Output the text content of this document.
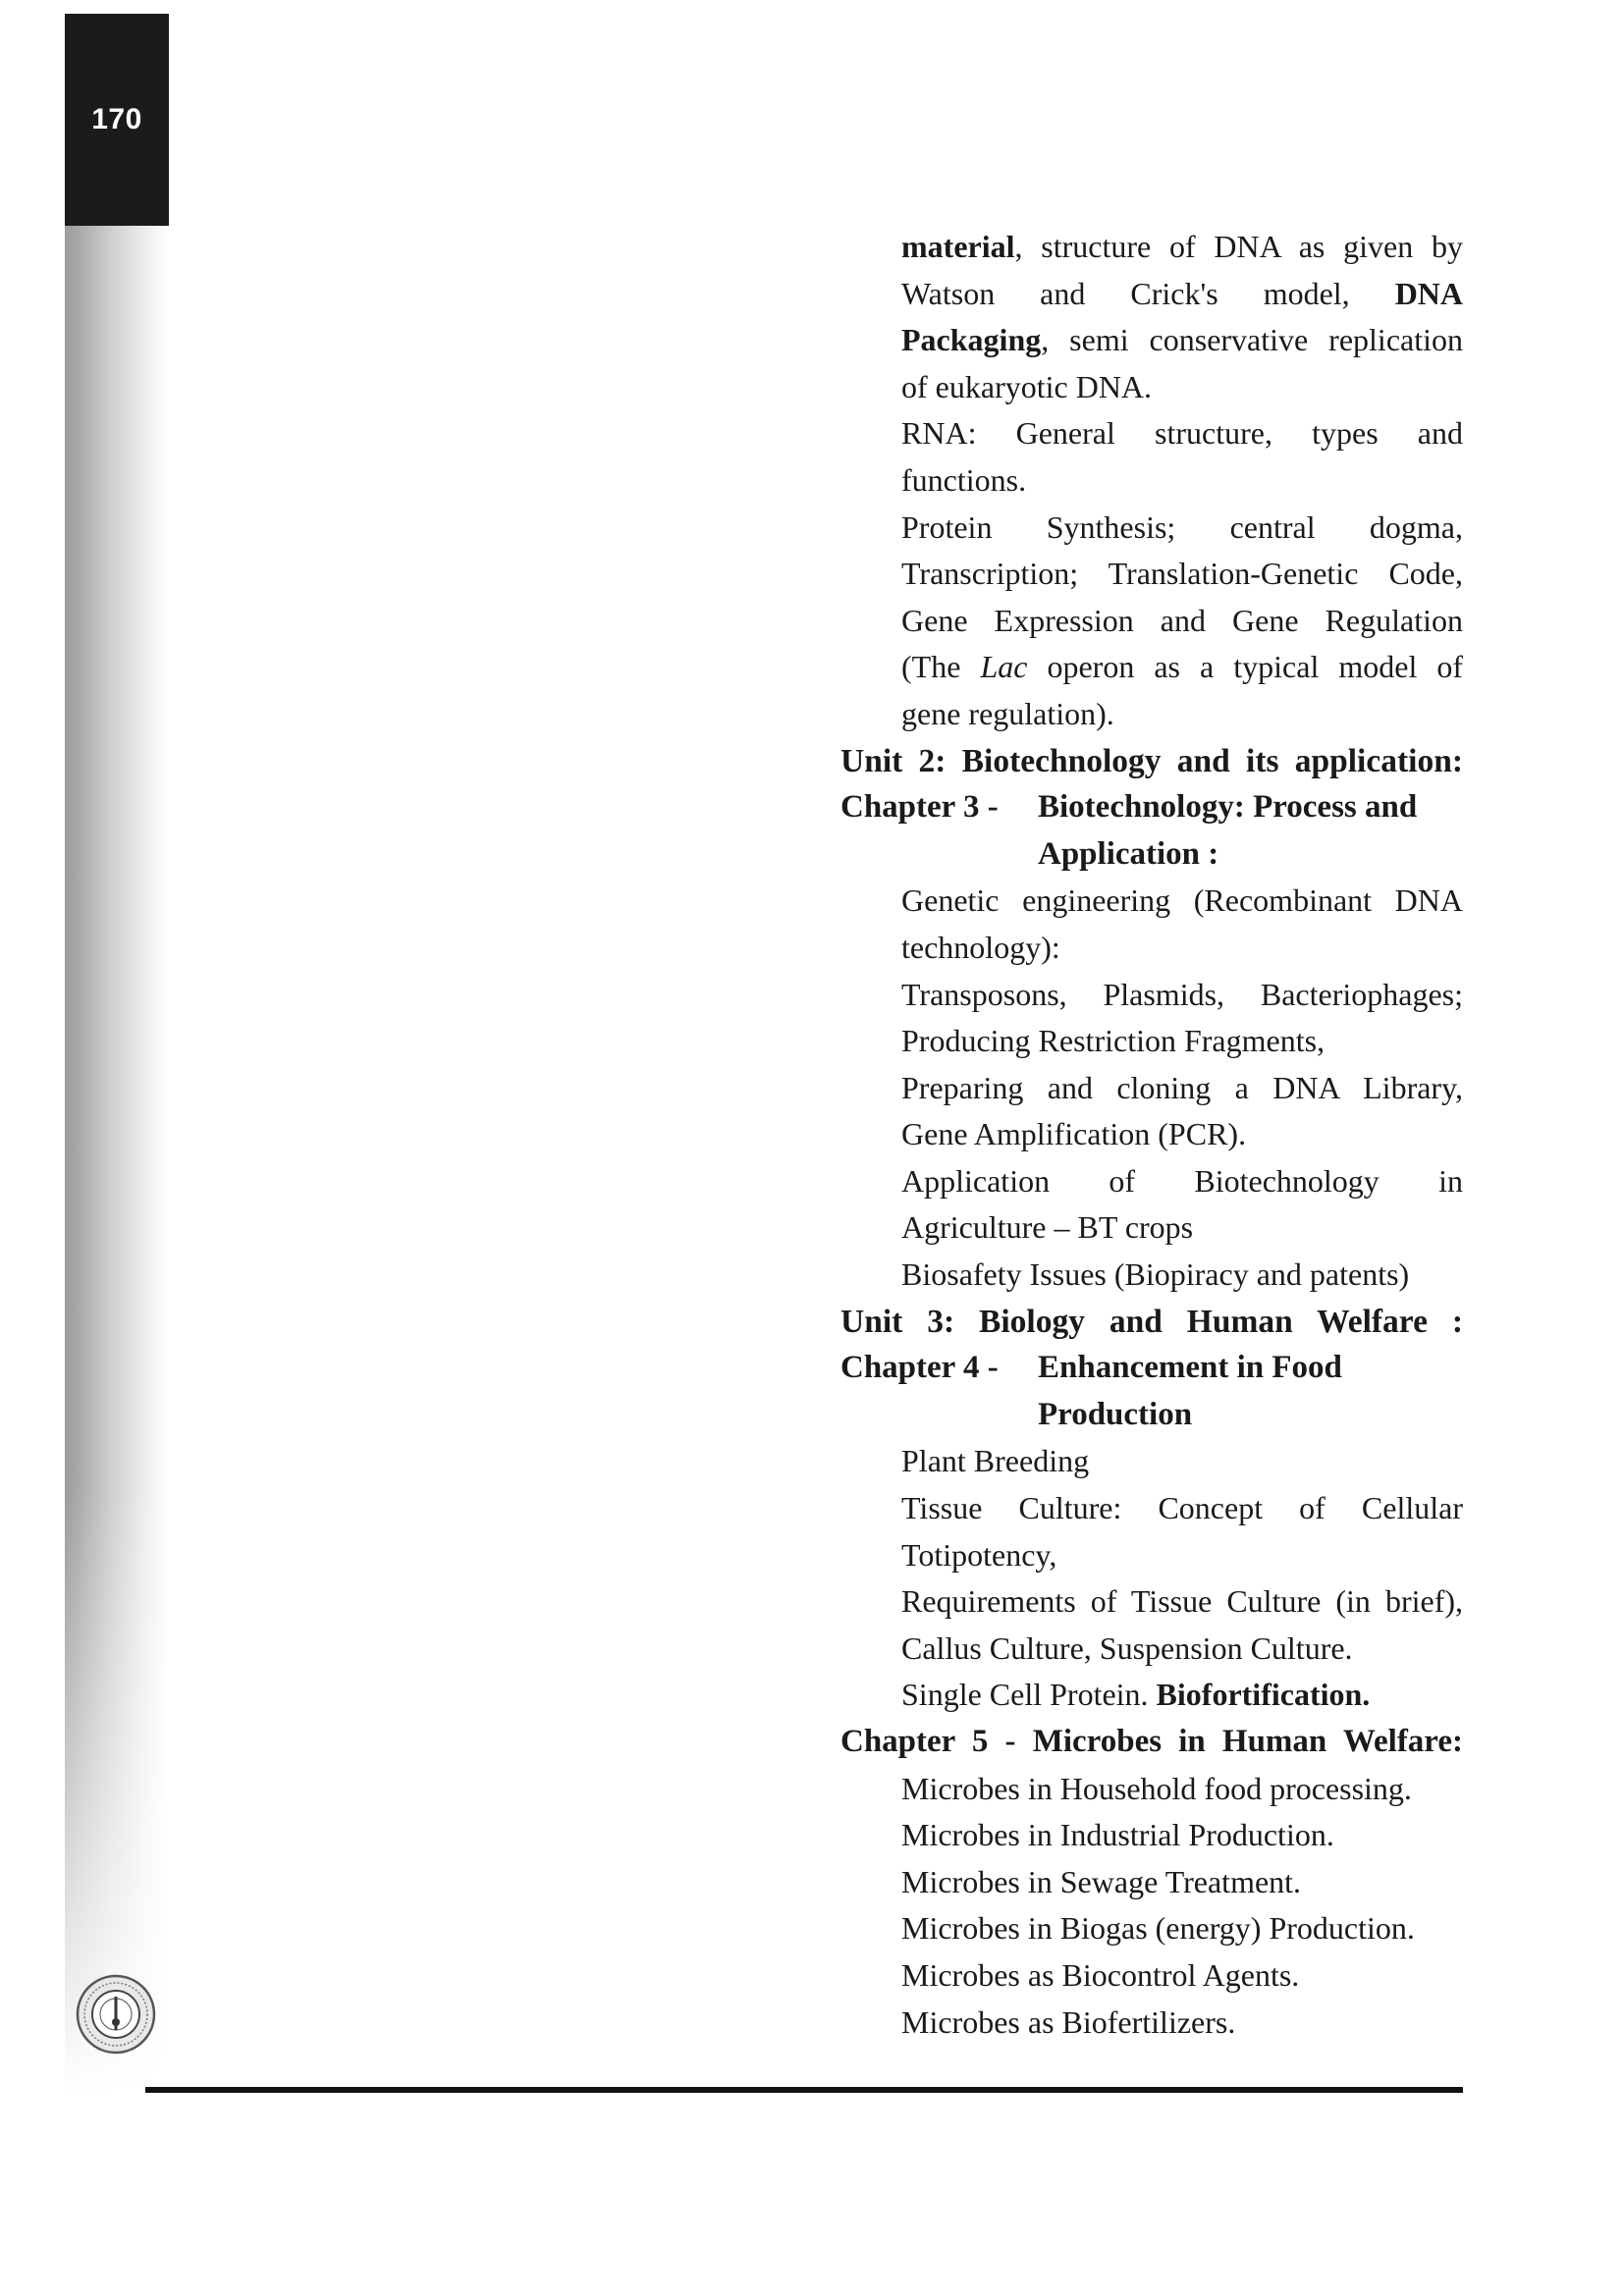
170
material, structure of DNA as given by
Watson and Crick's model, DNA
Packaging, semi conservative replication
of eukaryotic DNA.
RNA: General structure, types and
functions.
Protein Synthesis; central dogma,
Transcription; Translation-Genetic Code,
Gene Expression and Gene Regulation
(The Lac operon as a typical model of
gene regulation).
Unit 2: Biotechnology and its application:
Chapter 3 -	Biotechnology: Process and
Application :
Genetic engineering (Recombinant DNA
technology):
Transposons, Plasmids, Bacteriophages;
Producing Restriction Fragments,
Preparing and cloning a DNA Library,
Gene Amplification (PCR).
Application of Biotechnology in
Agriculture – BT crops
Biosafety Issues (Biopiracy and patents)
Unit 3: Biology and Human Welfare :
Chapter 4 -	Enhancement in Food
Production
Plant Breeding
Tissue Culture: Concept of Cellular
Totipotency,
Requirements of Tissue Culture (in brief),
Callus Culture, Suspension Culture.
Single Cell Protein. Biofortification.
Chapter 5 - Microbes in Human Welfare:
Microbes in Household food processing.
Microbes in Industrial Production.
Microbes in Sewage Treatment.
Microbes in Biogas (energy) Production.
Microbes as Biocontrol Agents.
Microbes as Biofertilizers.
